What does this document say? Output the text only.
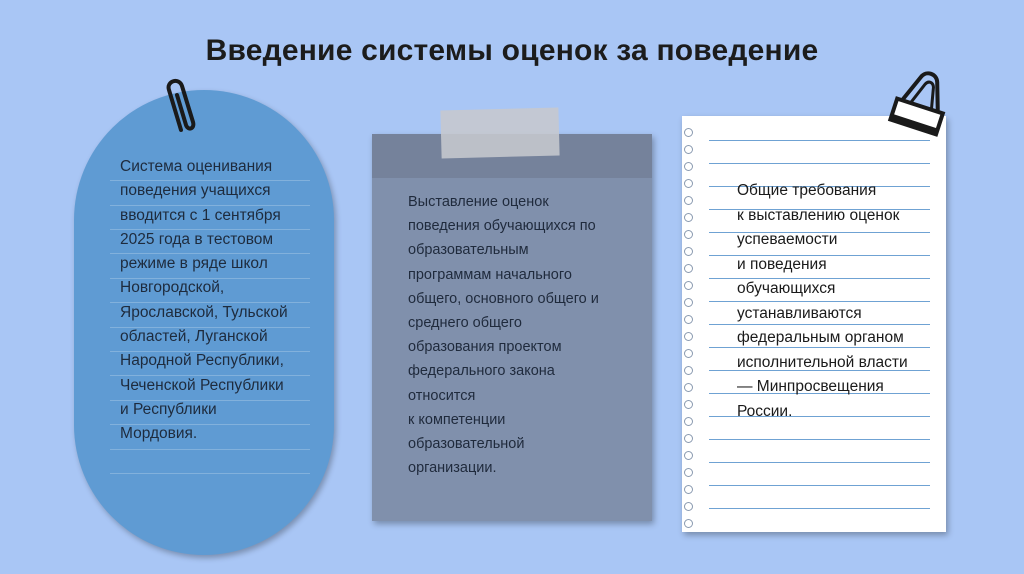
Введение системы оценок за поведение
Система оценивания
поведения учащихся
вводится с 1 сентября
2025 года в тестовом
режиме в ряде школ
Новгородской,
Ярославской, Тульской
областей, Луганской
Народной Республики,
Чеченской Республики
и Республики
Мордовия.
Выставление оценок
поведения обучающихся по
образовательным
программам начального
общего, основного общего и
среднего общего
образования проектом
федерального закона
относится
к компетенции
образовательной
организации.
Общие требования
к выставлению оценок
успеваемости
и поведения
обучающихся
устанавливаются
федеральным органом
исполнительной власти
— Минпросвещения
России.
